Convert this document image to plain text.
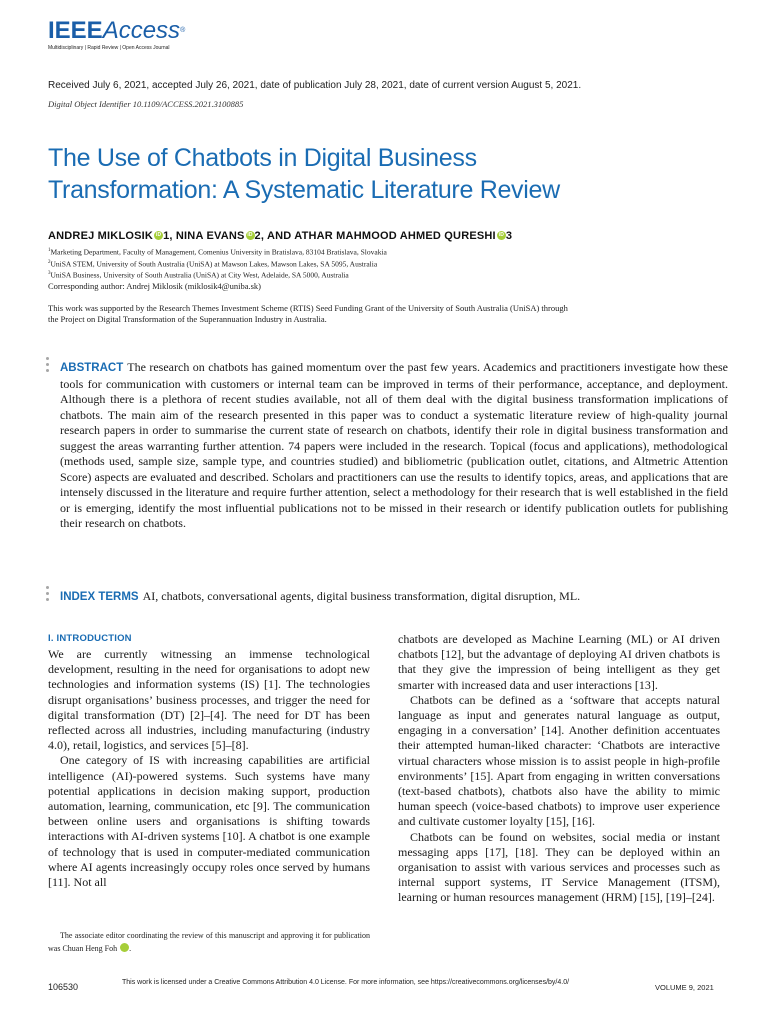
IEEEAccess®
Multidisciplinary | Rapid Review | Open Access Journal
Received July 6, 2021, accepted July 26, 2021, date of publication July 28, 2021, date of current version August 5, 2021.
Digital Object Identifier 10.1109/ACCESS.2021.3100885
The Use of Chatbots in Digital Business
Transformation: A Systematic Literature Review
ANDREJ MIKLOSIK iD 1, NINA EVANS iD 2, AND ATHAR MAHMOOD AHMED QURESHI iD 3
$^1$Marketing Department, Faculty of Management, Comenius University in Bratislava, 83104 Bratislava, Slovakia
$^2$UniSA STEM, University of South Australia (UniSA) at Mawson Lakes, Mawson Lakes, SA 5095, Australia
$^3$UniSA Business, University of South Australia (UniSA) at City West, Adelaide, SA 5000, Australia
Corresponding author: Andrej Miklosik (miklosik4@uniba.sk)
This work was supported by the Research Themes Investment Scheme (RTIS) Seed Funding Grant of the University of South Australia (UniSA) through the Project on Digital Transformation of the Superannuation Industry in Australia.

ABSTRACT The research on chatbots has gained momentum over the past few years. Academics and practitioners investigate how these tools for communication with customers or internal team can be improved in terms of their performance, acceptance, and deployment. Although there is a plethora of recent studies available, not all of them deal with the digital business transformation implications of chatbots. The main aim of the research presented in this paper was to conduct a systematic literature review of high-quality journal research papers in order to summarise the current state of research on chatbots, identify their role in digital business transformation and suggest the areas warranting further attention. 74 papers were included in the research. Topical (focus and applications), methodological (methods used, sample size, sample type, and countries studied) and bibliometric (publication outlet, citations, and Altmetric Attention Score) aspects are evaluated and described. Scholars and practitioners can use the results to identify topics, areas, and applications that are intensely discussed in the literature and require further attention, select a methodology for their research that is well established in the field or is emerging, identify the most influential publications not to be missed in their research or identify publication outlets for publishing their research on chatbots.

INDEX TERMS AI, chatbots, conversational agents, digital business transformation, digital disruption, ML.
I. INTRODUCTION

We are currently witnessing an immense technological development, resulting in the need for organisations to adopt new technologies and information systems (IS) [1]. The technologies disrupt organisations’ business processes, and trigger the need for digital transformation (DT) [2]–[4]. The need for DT has been reflected across all industries, including manufacturing (industry 4.0), retail, logistics, and services [5]–[8].

One category of IS with increasing capabilities are artificial intelligence (AI)-powered systems. Such systems have many potential applications in decision making support, production automation, learning, communication, etc [9]. The communication between online users and organisations is shifting towards interactions with AI-driven systems [10]. A chatbot is one example of technology that is used in computer-mediated communication where AI agents increasingly occupy roles once served by humans [11]. Not all

chatbots are developed as Machine Learning (ML) or AI driven chatbots [12], but the advantage of deploying AI driven chatbots is that they give the impression of being intelligent as they get smarter with increased data and user interactions [13].

Chatbots can be defined as a ‘software that accepts natural language as input and generates natural language as output, engaging in a conversation’ [14]. Another definition accentuates their attempted human-liked character: ‘Chatbots are interactive virtual characters whose mission is to assist people in high-profile environments’ [15]. Apart from engaging in written conversations (text-based chatbots), chatbots also have the ability to mimic human speech (voice-based chatbots) to improve user experience and cultivate customer loyalty [15], [16].

Chatbots can be found on websites, social media or instant messaging apps [17], [18]. They can be deployed within an organisation to assist with various services and processes such as internal support systems, IT Service Management (ITSM), learning or human resources management (HRM) [15], [19]–[24].

The associate editor coordinating the review of this manuscript and approving it for publication was Chuan Heng Foh	iD.

106530	This work is licensed under a Creative Commons Attribution 4.0 License. For more information, see https://creativecommons.org/licenses/by/4.0/
VOLUME 9, 2021
